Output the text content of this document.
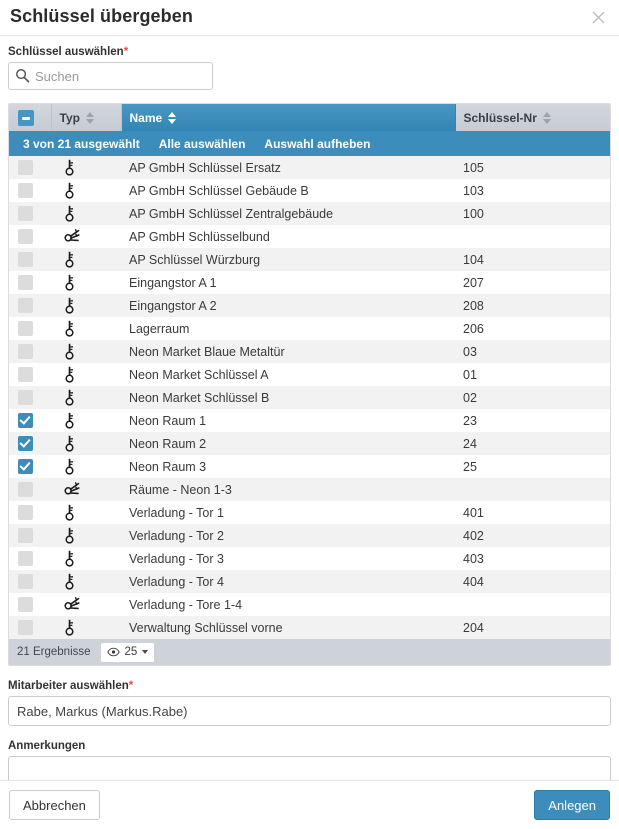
Schlüssel übergeben
Schlüssel auswählen*
Suchen

	Typ	Name	Schlüssel-Nr

3 von 21 ausgewählt Alle auswählen Auswahl aufheben			

	AP GmbH Schlüssel Ersatz	105

	AP GmbH Schlüssel Gebäude B	103

	AP GmbH Schlüssel Zentralgebäude	100

	AP GmbH Schlüsselbund	

	AP Schlüssel Würzburg	104

	Eingangstor A 1	207

	Eingangstor A 2	208

	Lagerraum	206

	Neon Market Blaue Metaltür	03

	Neon Market Schlüssel A	01

	Neon Market Schlüssel B	02

	Neon Raum 1	23

	Neon Raum 2	24

	Neon Raum 3	25

	Räume - Neon 1-3	

	Verladung - Tor 1	401

	Verladung - Tor 2	402

	Verladung - Tor 3	403

	Verladung - Tor 4	404

	Verladung - Tore 1-4	

	Verwaltung Schlüssel vorne	204
21 Ergebnisse	25
Mitarbeiter auswählen*
Rabe, Markus (Markus.Rabe)
Anmerkungen
Abbrechen	Anlegen
